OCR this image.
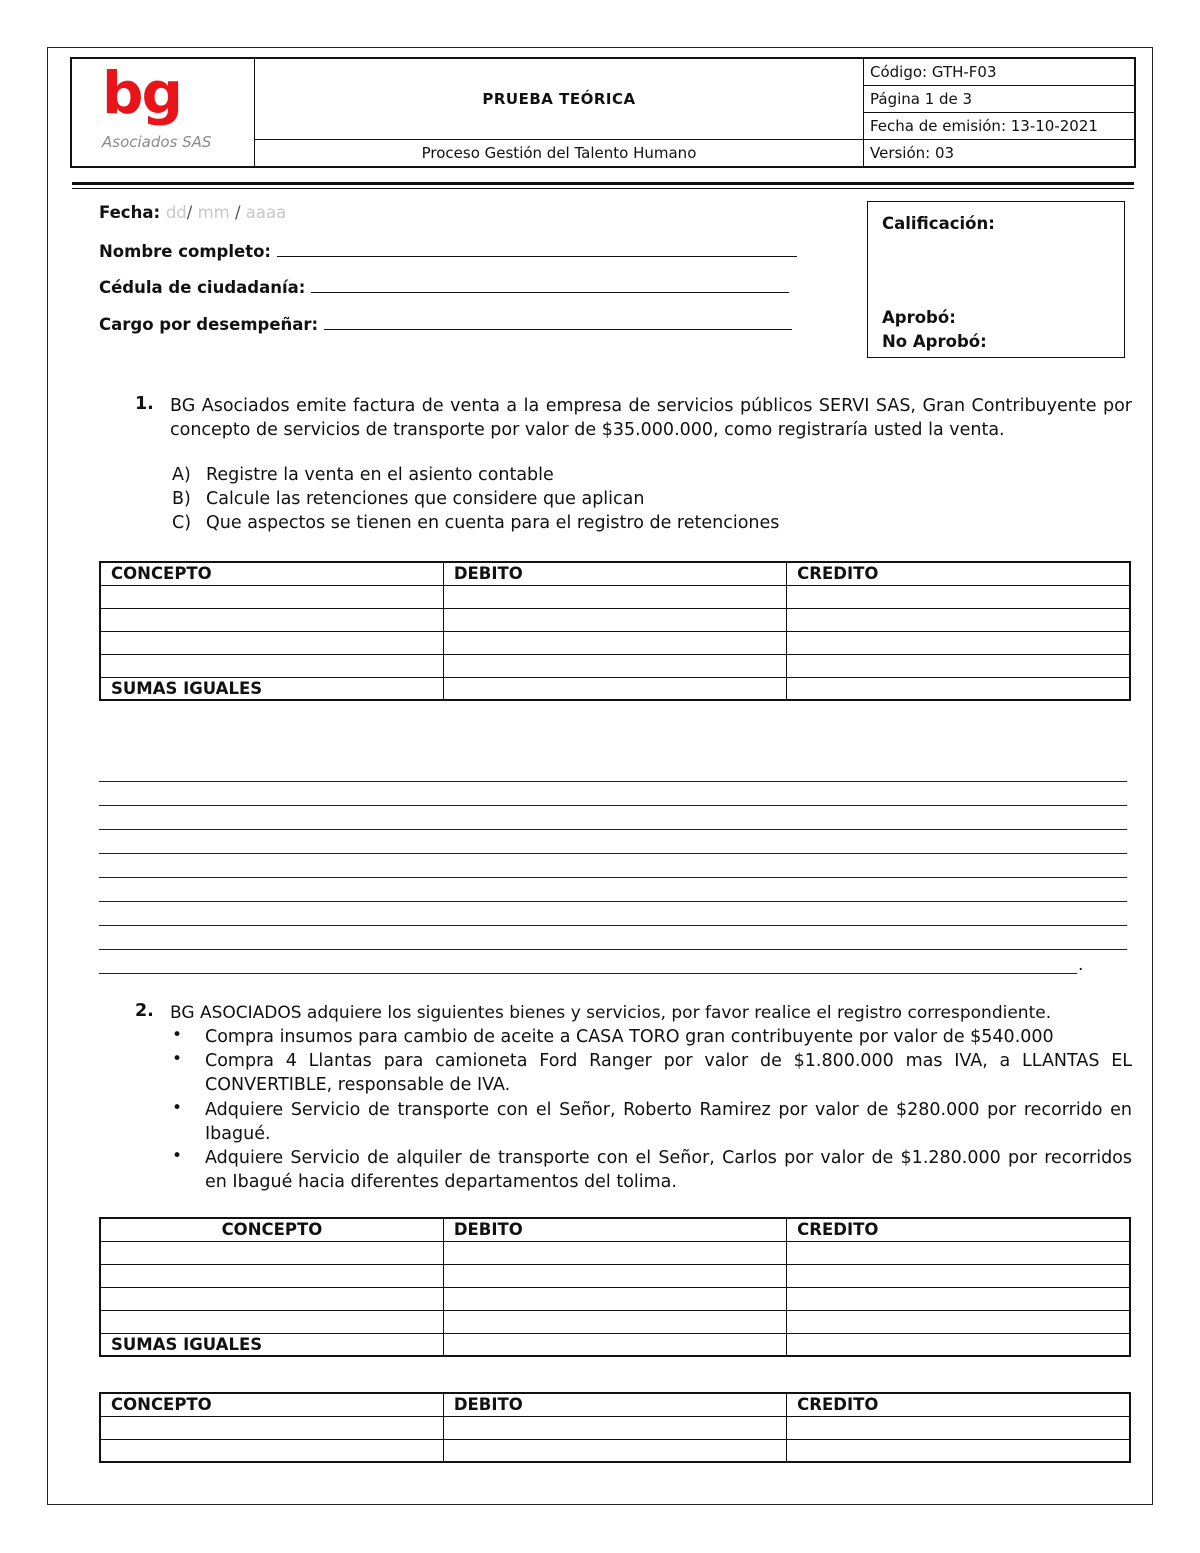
bg
Asociados SAS	PRUEBA TEÓRICA	Código: GTH-F03
		Página 1 de 3
		Fecha de emisión: 13-10-2021
	Proceso Gestión del Talento Humano	Versión: 03
Fecha: dd/ mm / aaaa
Nombre completo:
Cédula de ciudadanía:
Cargo por desempeñar:
Calificación:
Aprobó:
No Aprobó:
1. BG Asociados emite factura de venta a la empresa de servicios públicos SERVI SAS, Gran Contribuyente por concepto de servicios de transporte por valor de $35.000.000, como registraría usted la venta.
A) Registre la venta en el asiento contable
B) Calcule las retenciones que considere que aplican
C) Que aspectos se tienen en cuenta para el registro de retenciones
CONCEPTO	DEBITO	CREDITO

SUMAS IGUALES		
.
2. BG ASOCIADOS adquiere los siguientes bienes y servicios, por favor realice el registro correspondiente.
• Compra insumos para cambio de aceite a CASA TORO gran contribuyente por valor de $540.000
• Compra 4 Llantas para camioneta Ford Ranger por valor de $1.800.000 mas IVA, a LLANTAS EL CONVERTIBLE, responsable de IVA.
• Adquiere Servicio de transporte con el Señor, Roberto Ramirez por valor de $280.000 por recorrido en Ibagué.
• Adquiere Servicio de alquiler de transporte con el Señor, Carlos por valor de $1.280.000 por recorridos en Ibagué hacia diferentes departamentos del tolima.
CONCEPTO	DEBITO	CREDITO

SUMAS IGUALES		
CONCEPTO	DEBITO	CREDITO
